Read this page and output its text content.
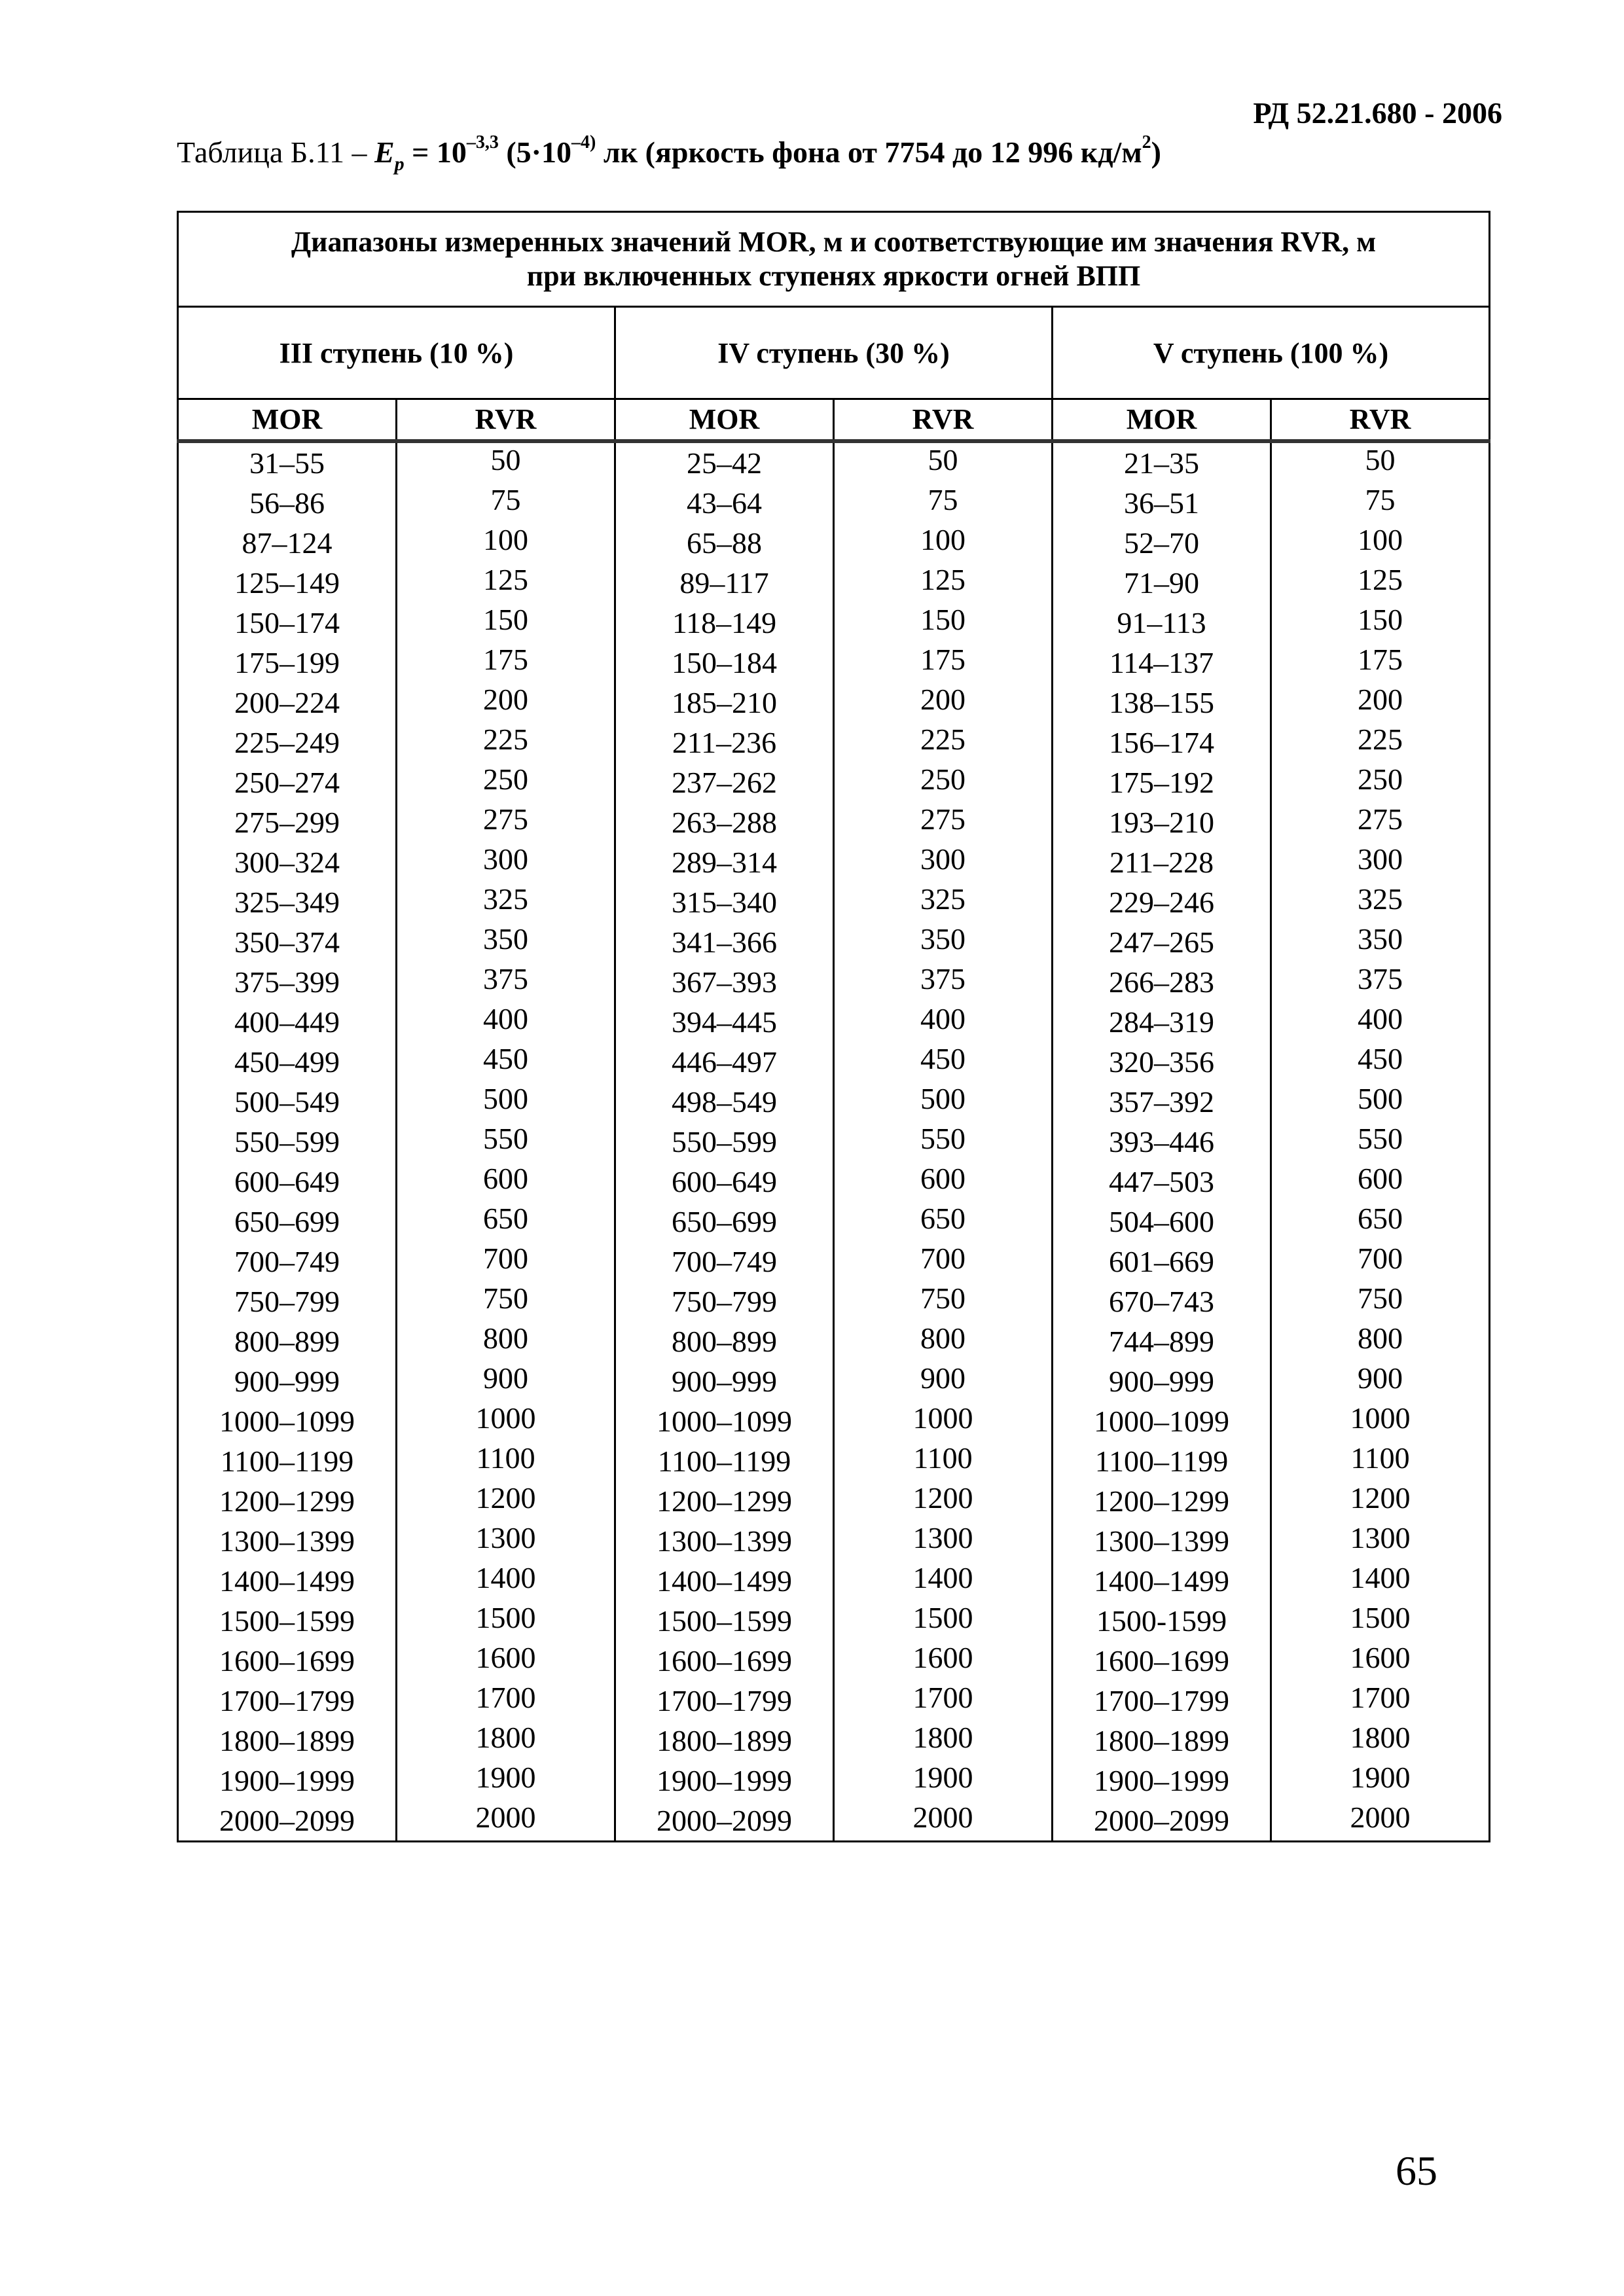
РД 52.21.680 - 2006
Таблица $Б.11 - E_p = 10^{-3,3}$ ($5\cdot 10^{-4)}$ лк (яркость фона от 7754 до 12 996 $кд/м^2$)
Диапазоны измеренных значений MOR, м и соответствующие им значения RVR, м
при включенных ступенях яркости огней ВПП					
III ступень (10 %)		IV ступень (30 %)		V ступень (100 %)	
MOR	RVR	MOR	RVR	MOR	RVR
31–55	50	25–42	50	21–35	50
56–86	75	43–64	75	36–51	75
87–124	100	65–88	100	52–70	100
125–149	125	89–117	125	71–90	125
150–174	150	118–149	150	91–113	150
175–199	175	150–184	175	114–137	175
200–224	200	185–210	200	138–155	200
225–249	225	211–236	225	156–174	225
250–274	250	237–262	250	175–192	250
275–299	275	263–288	275	193–210	275
300–324	300	289–314	300	211–228	300
325–349	325	315–340	325	229–246	325
350–374	350	341–366	350	247–265	350
375–399	375	367–393	375	266–283	375
400–449	400	394–445	400	284–319	400
450–499	450	446–497	450	320–356	450
500–549	500	498–549	500	357–392	500
550–599	550	550–599	550	393–446	550
600–649	600	600–649	600	447–503	600
650–699	650	650–699	650	504–600	650
700–749	700	700–749	700	601–669	700
750–799	750	750–799	750	670–743	750
800–899	800	800–899	800	744–899	800
900–999	900	900–999	900	900–999	900
1000–1099	1000	1000–1099	1000	1000–1099	1000
1100–1199	1100	1100–1199	1100	1100–1199	1100
1200–1299	1200	1200–1299	1200	1200–1299	1200
1300–1399	1300	1300–1399	1300	1300–1399	1300
1400–1499	1400	1400–1499	1400	1400–1499	1400
1500–1599	1500	1500–1599	1500	1500-1599	1500
1600–1699	1600	1600–1699	1600	1600–1699	1600
1700–1799	1700	1700–1799	1700	1700–1799	1700
1800–1899	1800	1800–1899	1800	1800–1899	1800
1900–1999	1900	1900–1999	1900	1900–1999	1900
2000–2099	2000	2000–2099	2000	2000–2099	2000
65
